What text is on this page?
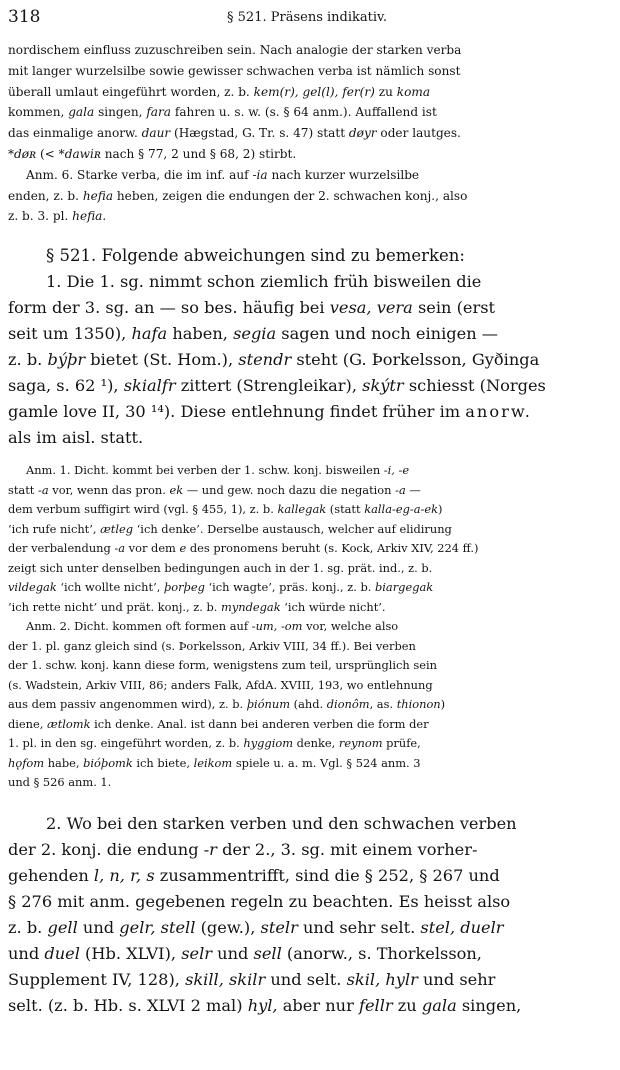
318	§ 521. Präsens indikativ.

nordischem einfluss zuzuschreiben sein. Nach analogie der starken verba
mit langer wurzelsilbe sowie gewisser schwachen verba ist nämlich sonst
überall umlaut eingeführt worden, z. b. kem(r), gel(l), fer(r) zu koma
kommen, gala singen, fara fahren u. s. w. (s. § 64 anm.). Auffallend ist
das einmalige anorw. daur (Hægstad, G. Tr. s. 47) statt døyr oder lautges.
*døʀ (< *dawiʀ nach § 77, 2 und § 68, 2) stirbt.

Anm. 6. Starke verba, die im inf. auf -ia nach kurzer wurzelsilbe
enden, z. b. hefia heben, zeigen die endungen der 2. schwachen konj., also
z. b. 3. pl. hefia.

§ 521. Folgende abweichungen sind zu bemerken:

1. Die 1. sg. nimmt schon ziemlich früh bisweilen die
form der 3. sg. an — so bes. häufig bei vesa, vera sein (erst
seit um 1350), hafa haben, segia sagen und noch einigen —
z. b. býþr bietet (St. Hom.), stendr steht (G. Þorkelsson, Gyðinga
saga, s. 62 ¹), skialfr zittert (Strengleikar), skýtr schiesst (Norges
gamle love II, 30 ¹⁴). Diese entlehnung findet früher im anorw.
als im aisl. statt.

Anm. 1. Dicht. kommt bei verben der 1. schw. konj. bisweilen -i, -e
statt -a vor, wenn das pron. ek — und gew. noch dazu die negation -a —
dem verbum suffigirt wird (vgl. § 455, 1), z. b. kallegak (statt kalla-eg-a-ek)
‘ich rufe nicht’, ætleg ‘ich denke’. Derselbe austausch, welcher auf elidirung
der verbalendung -a vor dem e des pronomens beruht (s. Kock, Arkiv XIV, 224 ff.)
zeigt sich unter denselben bedingungen auch in der 1. sg. prät. ind., z. b.
vildegak ‘ich wollte nicht’, þorþeg ‘ich wagte’, präs. konj., z. b. biargegak
‘ich rette nicht’ und prät. konj., z. b. myndegak ‘ich würde nicht’.

Anm. 2. Dicht. kommen oft formen auf -um, -om vor, welche also
der 1. pl. ganz gleich sind (s. Þorkelsson, Arkiv VIII, 34 ff.). Bei verben
der 1. schw. konj. kann diese form, wenigstens zum teil, ursprünglich sein
(s. Wadstein, Arkiv VIII, 86; anders Falk, AfdA. XVIII, 193, wo entlehnung
aus dem passiv angenommen wird), z. b. þiónum (ahd. dionôm, as. thionon)
diene, ætlomk ich denke. Anal. ist dann bei anderen verben die form der
1. pl. in den sg. eingeführt worden, z. b. hyggiom denke, reynom prüfe,
hǫfom habe, bióþomk ich biete, leikom spiele u. a. m. Vgl. § 524 anm. 3
und § 526 anm. 1.

2. Wo bei den starken verben und den schwachen verben
der 2. konj. die endung -r der 2., 3. sg. mit einem vorher-
gehenden l, n, r, s zusammentrifft, sind die § 252, § 267 und
§ 276 mit anm. gegebenen regeln zu beachten. Es heisst also
z. b. gell und gelr, stell (gew.), stelr und sehr selt. stel, duelr
und duel (Hb. XLVI), selr und sell (anorw., s. Thorkelsson,
Supplement IV, 128), skill, skilr und selt. skil, hylr und sehr
selt. (z. b. Hb. s. XLVI 2 mal) hyl, aber nur fellr zu gala singen,
